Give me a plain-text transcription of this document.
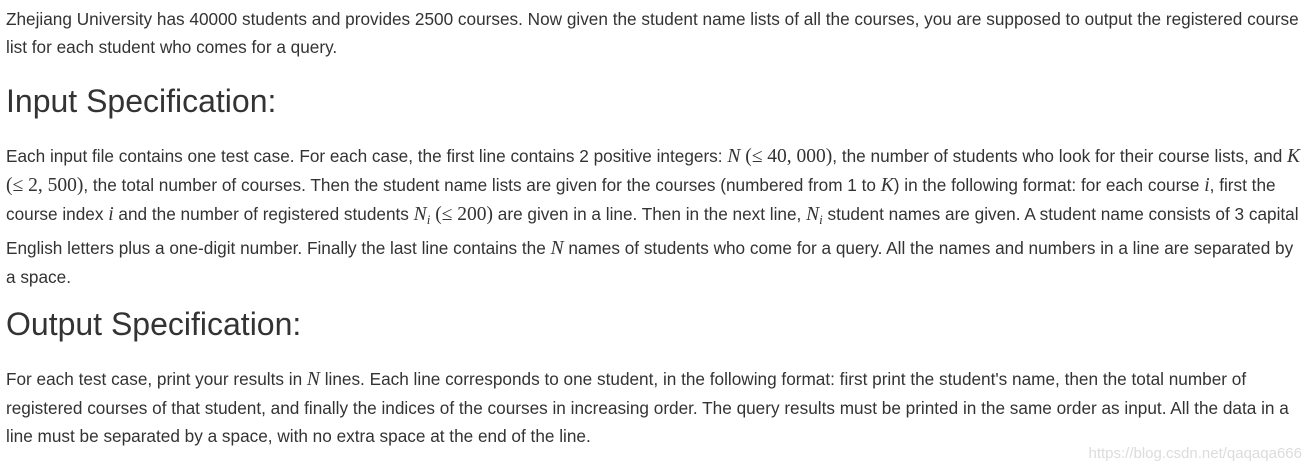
Zhejiang University has 40000 students and provides 2500 courses. Now given the student name lists of all the courses, you are supposed to output the registered course list for each student who comes for a query.

Input Specification:

Each input file contains one test case. For each case, the first line contains 2 positive integers: N (≤ 40, 000), the number of students who look for their course lists, and K (≤ 2, 500), the total number of courses. Then the student name lists are given for the courses (numbered from 1 to K) in the following format: for each course i, first the course index i and the number of registered students $N_i$ (≤ 200) are given in a line. Then in the next line, $N_i$ student names are given. A student name consists of 3 capital English letters plus a one-digit number. Finally the last line contains the N names of students who come for a query. All the names and numbers in a line are separated by a space.

Output Specification:

For each test case, print your results in N lines. Each line corresponds to one student, in the following format: first print the student's name, then the total number of registered courses of that student, and finally the indices of the courses in increasing order. The query results must be printed in the same order as input. All the data in a line must be separated by a space, with no extra space at the end of the line.

https://blog.csdn.net/qaqaqa666
